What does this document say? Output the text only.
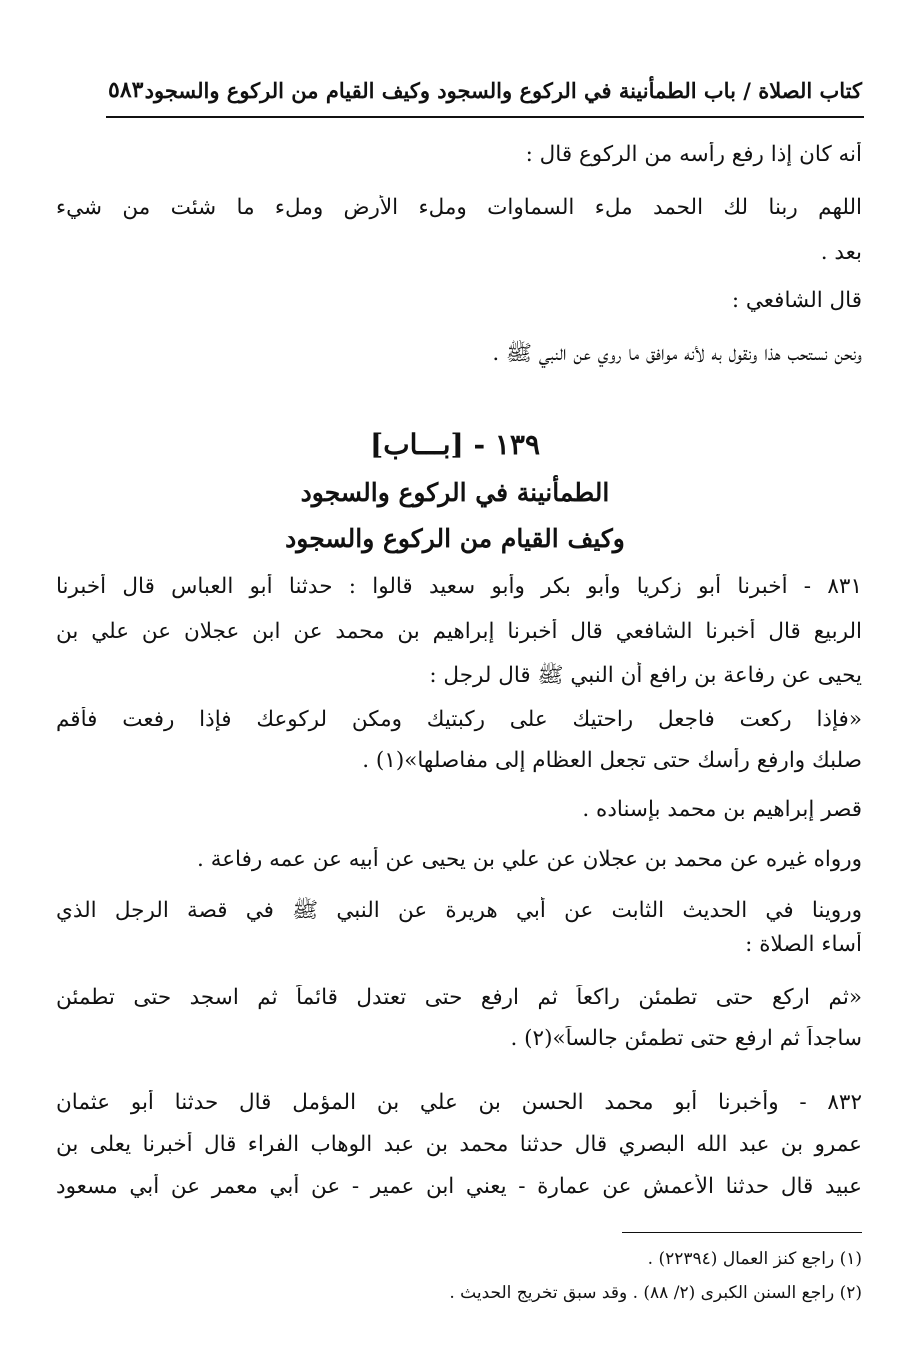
كتاب الصلاة / باب الطمأنينة في الركوع والسجود وكيف القيام من الركوع والسجود
٥٨٣
أنه كان إذا رفع رأسه من الركوع قال :
اللهم ربنا لك الحمد ملء السماوات وملء الأرض وملء ما شئت من شيء
بعد .
قال الشافعي :
ونحن نستحب هذا ونقول به لأنه موافق ما روي عن النبي ﷺ .
١٣٩ - [بـــاب]
الطمأنينة في الركوع والسجود
وكيف القيام من الركوع والسجود
٨٣١ - أخبرنا أبو زكريا وأبو بكر وأبو سعيد قالوا : حدثنا أبو العباس قال أخبرنا
الربيع قال أخبرنا الشافعي قال أخبرنا إبراهيم بن محمد عن ابن عجلان عن علي بن
يحيى عن رفاعة بن رافع أن النبي ﷺ قال لرجل :
«فإذا ركعت فاجعل راحتيك على ركبتيك ومكن لركوعك فإذا رفعت فأقم
صلبك وارفع رأسك حتى تجعل العظام إلى مفاصلها»(١) .
قصر إبراهيم بن محمد بإسناده .
ورواه غيره عن محمد بن عجلان عن علي بن يحيى عن أبيه عن عمه رفاعة .
وروينا في الحديث الثابت عن أبي هريرة عن النبي ﷺ في قصة الرجل الذي
أساء الصلاة :
«ثم اركع حتى تطمئن راكعاً ثم ارفع حتى تعتدل قائماً ثم اسجد حتى تطمئن
ساجداً ثم ارفع حتى تطمئن جالساً»(٢) .
٨٣٢ - وأخبرنا أبو محمد الحسن بن علي بن المؤمل قال حدثنا أبو عثمان
عمرو بن عبد الله البصري قال حدثنا محمد بن عبد الوهاب الفراء قال أخبرنا يعلى بن
عبيد قال حدثنا الأعمش عن عمارة - يعني ابن عمير - عن أبي معمر عن أبي مسعود
(١) راجع كنز العمال (٢٢٣٩٤) .
(٢) راجع السنن الكبرى (٢/ ٨٨) . وقد سبق تخريج الحديث .
